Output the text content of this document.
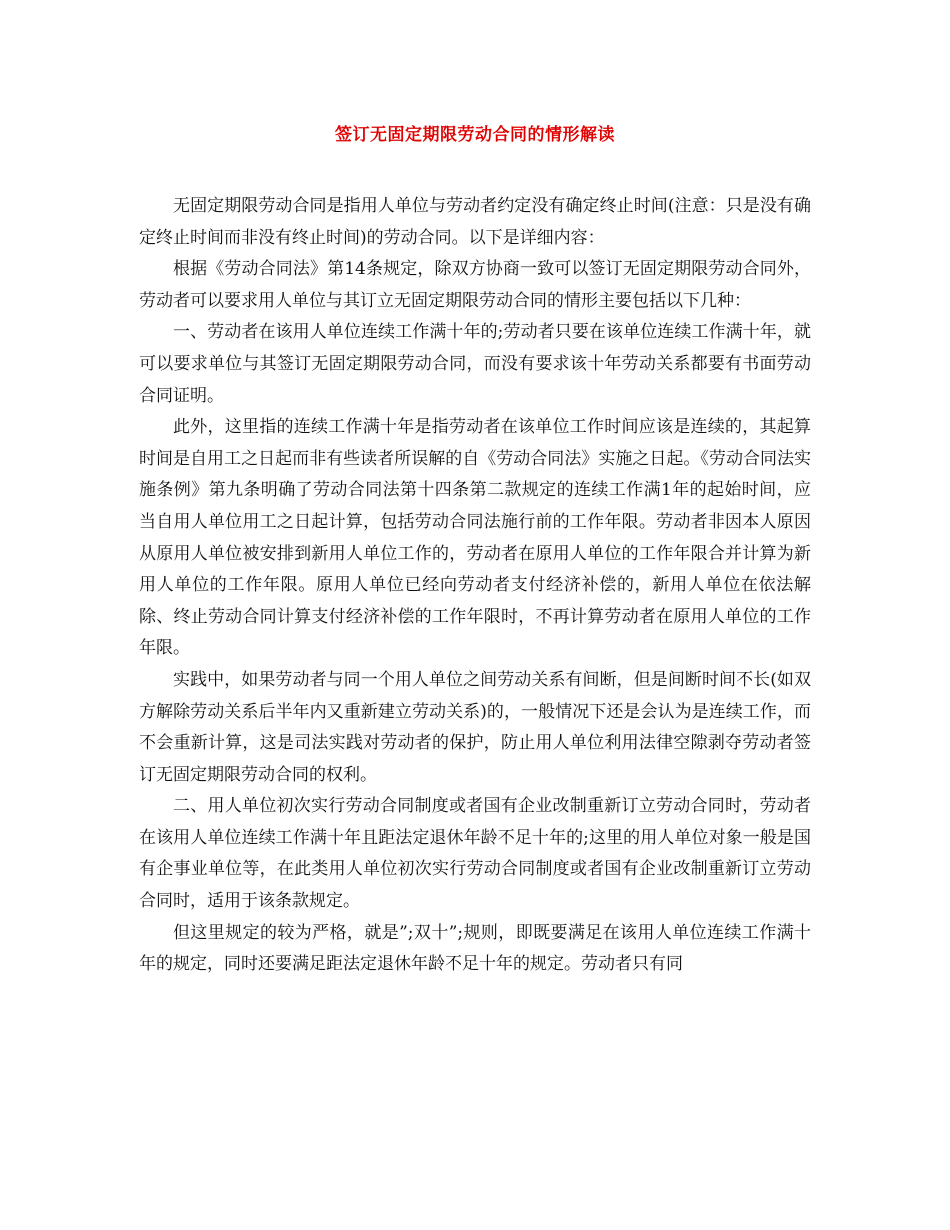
签订无固定期限劳动合同的情形解读

无固定期限劳动合同是指用人单位与劳动者约定没有确定终止时间(注意：只是没有确定终止时间而非没有终止时间)的劳动合同。以下是详细内容：

根据《劳动合同法》第14条规定，除双方协商一致可以签订无固定期限劳动合同外，劳动者可以要求用人单位与其订立无固定期限劳动合同的情形主要包括以下几种：

一、劳动者在该用人单位连续工作满十年的;劳动者只要在该单位连续工作满十年，就可以要求单位与其签订无固定期限劳动合同，而没有要求该十年劳动关系都要有书面劳动合同证明。

此外，这里指的连续工作满十年是指劳动者在该单位工作时间应该是连续的，其起算时间是自用工之日起而非有些读者所误解的自《劳动合同法》实施之日起。《劳动合同法实施条例》第九条明确了劳动合同法第十四条第二款规定的连续工作满1年的起始时间，应当自用人单位用工之日起计算，包括劳动合同法施行前的工作年限。劳动者非因本人原因从原用人单位被安排到新用人单位工作的，劳动者在原用人单位的工作年限合并计算为新用人单位的工作年限。原用人单位已经向劳动者支付经济补偿的，新用人单位在依法解除、终止劳动合同计算支付经济补偿的工作年限时，不再计算劳动者在原用人单位的工作年限。

实践中，如果劳动者与同一个用人单位之间劳动关系有间断，但是间断时间不长(如双方解除劳动关系后半年内又重新建立劳动关系)的，一般情况下还是会认为是连续工作，而不会重新计算，这是司法实践对劳动者的保护，防止用人单位利用法律空隙剥夺劳动者签订无固定期限劳动合同的权利。

二、用人单位初次实行劳动合同制度或者国有企业改制重新订立劳动合同时，劳动者在该用人单位连续工作满十年且距法定退休年龄不足十年的;这里的用人单位对象一般是国有企事业单位等，在此类用人单位初次实行劳动合同制度或者国有企业改制重新订立劳动合同时，适用于该条款规定。

但这里规定的较为严格，就是”;双十”;规则，即既要满足在该用人单位连续工作满十年的规定，同时还要满足距法定退休年龄不足十年的规定。劳动者只有同
